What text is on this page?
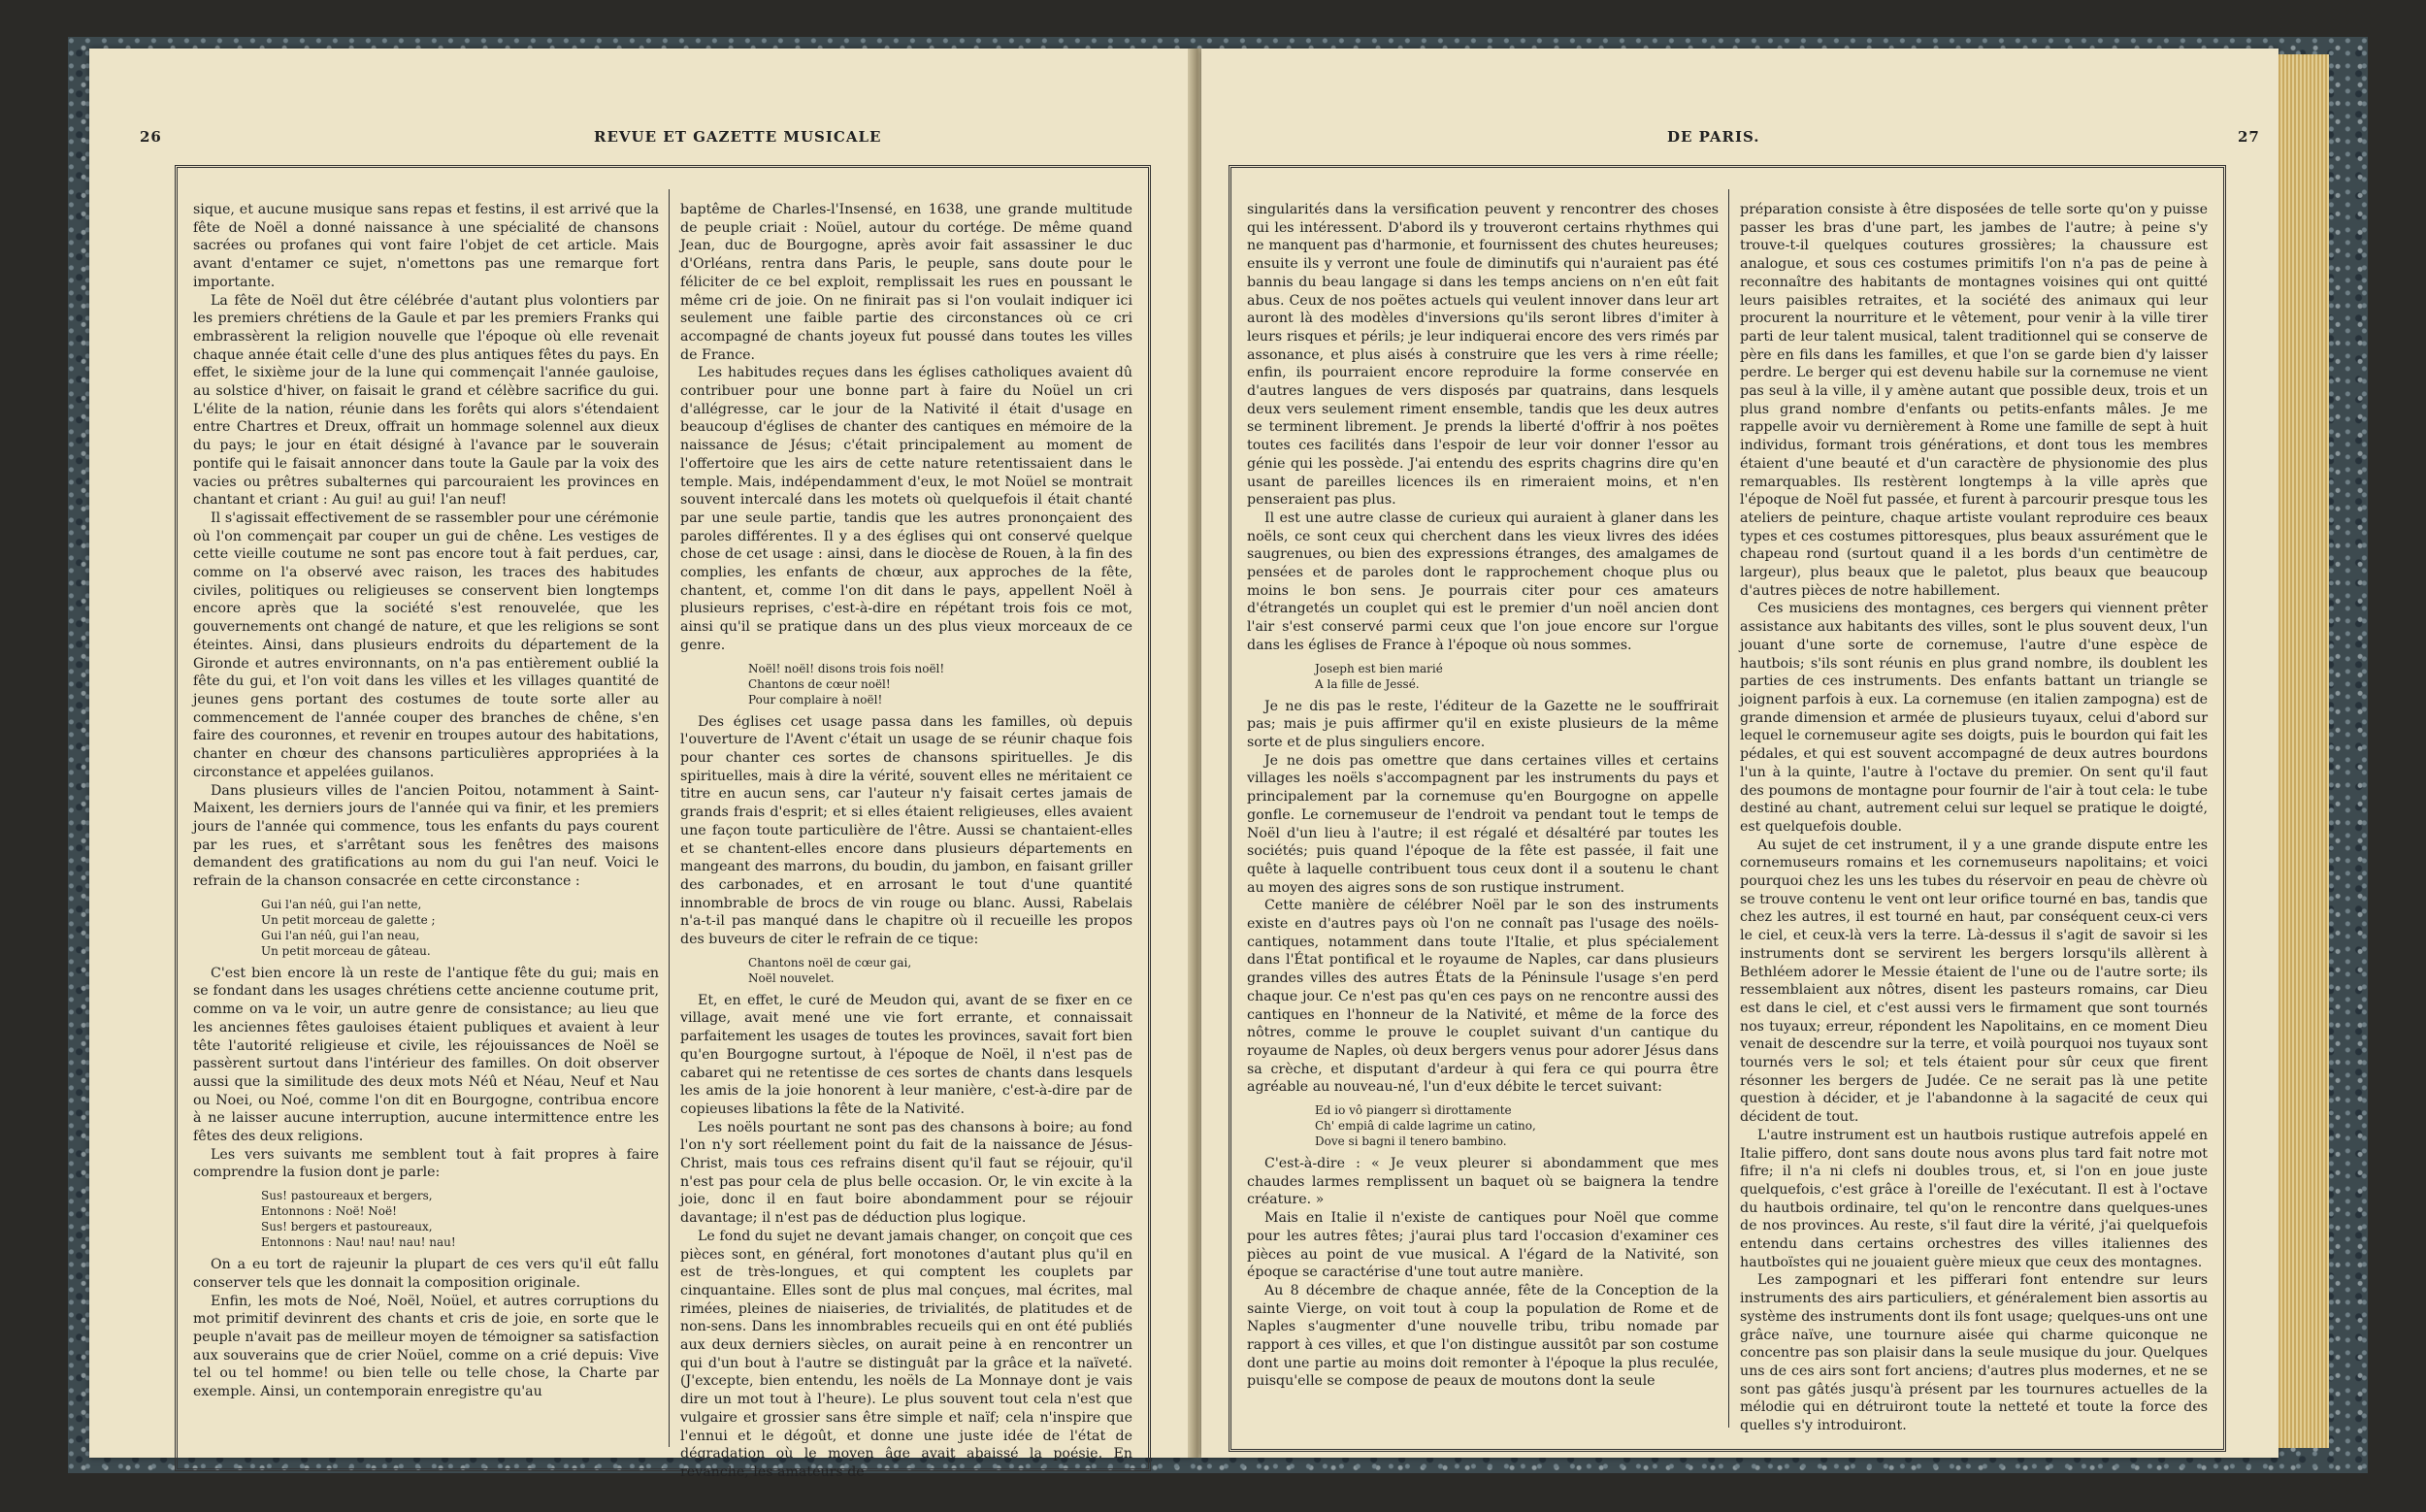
26	REVUE ET GAZETTE MUSICALE

sique, et aucune musique sans repas et festins, il est arrivé que la fête de Noël a donné naissance à une spécialité de chansons sacrées ou profanes qui vont faire l'objet de cet article. Mais avant d'entamer ce sujet, n'omettons pas une remarque fort importante.

La fête de Noël dut être célébrée d'autant plus volontiers par les premiers chrétiens de la Gaule et par les premiers Franks qui embrassèrent la religion nouvelle que l'époque où elle revenait chaque année était celle d'une des plus antiques fêtes du pays. En effet, le sixième jour de la lune qui commençait l'année gauloise, au solstice d'hiver, on faisait le grand et célèbre sacrifice du gui. L'élite de la nation, réunie dans les forêts qui alors s'étendaient entre Chartres et Dreux, offrait un hommage solennel aux dieux du pays; le jour en était désigné à l'avance par le souverain pontife qui le faisait annoncer dans toute la Gaule par la voix des vacies ou prêtres subalternes qui parcouraient les provinces en chantant et criant : Au gui! au gui! l'an neuf!

Il s'agissait effectivement de se rassembler pour une cérémonie où l'on commençait par couper un gui de chêne. Les vestiges de cette vieille coutume ne sont pas encore tout à fait perdues, car, comme on l'a observé avec raison, les traces des habitudes civiles, politiques ou religieuses se conservent bien longtemps encore après que la société s'est renouvelée, que les gouvernements ont changé de nature, et que les religions se sont éteintes. Ainsi, dans plusieurs endroits du département de la Gironde et autres environnants, on n'a pas entièrement oublié la fête du gui, et l'on voit dans les villes et les villages quantité de jeunes gens portant des costumes de toute sorte aller au commencement de l'année couper des branches de chêne, s'en faire des couronnes, et revenir en troupes autour des habitations, chanter en chœur des chansons particulières appropriées à la circonstance et appelées guilanos.

Dans plusieurs villes de l'ancien Poitou, notamment à Saint-Maixent, les derniers jours de l'année qui va finir, et les premiers jours de l'année qui commence, tous les enfants du pays courent par les rues, et s'arrêtant sous les fenêtres des maisons demandent des gratifications au nom du gui l'an neuf. Voici le refrain de la chanson consacrée en cette circonstance :

Gui l'an néû, gui l'an nette,
Un petit morceau de galette ;
Gui l'an néû, gui l'an neau,
Un petit morceau de gâteau.

C'est bien encore là un reste de l'antique fête du gui; mais en se fondant dans les usages chrétiens cette ancienne coutume prit, comme on va le voir, un autre genre de consistance; au lieu que les anciennes fêtes gauloises étaient publiques et avaient à leur tête l'autorité religieuse et civile, les réjouissances de Noël se passèrent surtout dans l'intérieur des familles. On doit observer aussi que la similitude des deux mots Néû et Néau, Neuf et Nau ou Noei, ou Noé, comme l'on dit en Bourgogne, contribua encore à ne laisser aucune interruption, aucune intermittence entre les fêtes des deux religions.

Les vers suivants me semblent tout à fait propres à faire comprendre la fusion dont je parle:

Sus! pastoureaux et bergers,
Entonnons : Noë! Noë!
Sus! bergers et pastoureaux,
Entonnons : Nau! nau! nau! nau!

On a eu tort de rajeunir la plupart de ces vers qu'il eût fallu conserver tels que les donnait la composition originale.

Enfin, les mots de Noé, Noël, Noüel, et autres corruptions du mot primitif devinrent des chants et cris de joie, en sorte que le peuple n'avait pas de meilleur moyen de témoigner sa satisfaction aux souverains que de crier Noüel, comme on a crié depuis: Vive tel ou tel homme! ou bien telle ou telle chose, la Charte par exemple. Ainsi, un contemporain enregistre qu'au

baptême de Charles-l'Insensé, en 1638, une grande multitude de peuple criait : Noüel, autour du cortége. De même quand Jean, duc de Bourgogne, après avoir fait assassiner le duc d'Orléans, rentra dans Paris, le peuple, sans doute pour le féliciter de ce bel exploit, remplissait les rues en poussant le même cri de joie. On ne finirait pas si l'on voulait indiquer ici seulement une faible partie des circonstances où ce cri accompagné de chants joyeux fut poussé dans toutes les villes de France.

Les habitudes reçues dans les églises catholiques avaient dû contribuer pour une bonne part à faire du Noüel un cri d'allégresse, car le jour de la Nativité il était d'usage en beaucoup d'églises de chanter des cantiques en mémoire de la naissance de Jésus; c'était principalement au moment de l'offertoire que les airs de cette nature retentissaient dans le temple. Mais, indépendamment d'eux, le mot Noüel se montrait souvent intercalé dans les motets où quelquefois il était chanté par une seule partie, tandis que les autres prononçaient des paroles différentes. Il y a des églises qui ont conservé quelque chose de cet usage : ainsi, dans le diocèse de Rouen, à la fin des complies, les enfants de chœur, aux approches de la fête, chantent, et, comme l'on dit dans le pays, appellent Noël à plusieurs reprises, c'est-à-dire en répétant trois fois ce mot, ainsi qu'il se pratique dans un des plus vieux morceaux de ce genre.

Noël! noël! disons trois fois noël!
Chantons de cœur noël!
Pour complaire à noël!

Des églises cet usage passa dans les familles, où depuis l'ouverture de l'Avent c'était un usage de se réunir chaque fois pour chanter ces sortes de chansons spirituelles. Je dis spirituelles, mais à dire la vérité, souvent elles ne méritaient ce titre en aucun sens, car l'auteur n'y faisait certes jamais de grands frais d'esprit; et si elles étaient religieuses, elles avaient une façon toute particulière de l'être. Aussi se chantaient-elles et se chantent-elles encore dans plusieurs départements en mangeant des marrons, du boudin, du jambon, en faisant griller des carbonades, et en arrosant le tout d'une quantité innombrable de brocs de vin rouge ou blanc. Aussi, Rabelais n'a-t-il pas manqué dans le chapitre où il recueille les propos des buveurs de citer le refrain de ce tique:

Chantons noël de cœur gai,
Noël nouvelet.

Et, en effet, le curé de Meudon qui, avant de se fixer en ce village, avait mené une vie fort errante, et connaissait parfaitement les usages de toutes les provinces, savait fort bien qu'en Bourgogne surtout, à l'époque de Noël, il n'est pas de cabaret qui ne retentisse de ces sortes de chants dans lesquels les amis de la joie honorent à leur manière, c'est-à-dire par de copieuses libations la fête de la Nativité.

Les noëls pourtant ne sont pas des chansons à boire; au fond l'on n'y sort réellement point du fait de la naissance de Jésus-Christ, mais tous ces refrains disent qu'il faut se réjouir, qu'il n'est pas pour cela de plus belle occasion. Or, le vin excite à la joie, donc il en faut boire abondamment pour se réjouir davantage; il n'est pas de déduction plus logique.

Le fond du sujet ne devant jamais changer, on conçoit que ces pièces sont, en général, fort monotones d'autant plus qu'il en est de très-longues, et qui comptent les couplets par cinquantaine. Elles sont de plus mal conçues, mal écrites, mal rimées, pleines de niaiseries, de trivialités, de platitudes et de non-sens. Dans les innombrables recueils qui en ont été publiés aux deux derniers siècles, on aurait peine à en rencontrer un qui d'un bout à l'autre se distinguât par la grâce et la naïveté. (J'excepte, bien entendu, les noëls de La Monnaye dont je vais dire un mot tout à l'heure). Le plus souvent tout cela n'est que vulgaire et grossier sans être simple et naïf; cela n'inspire que l'ennui et le dégoût, et donne une juste idée de l'état de dégradation où le moyen âge avait abaissé la poésie. En revanche, les amateurs de

DE PARIS.	27

singularités dans la versification peuvent y rencontrer des choses qui les intéressent. D'abord ils y trouveront certains rhythmes qui ne manquent pas d'harmonie, et fournissent des chutes heureuses; ensuite ils y verront une foule de diminutifs qui n'auraient pas été bannis du beau langage si dans les temps anciens on n'en eût fait abus. Ceux de nos poëtes actuels qui veulent innover dans leur art auront là des modèles d'inversions qu'ils seront libres d'imiter à leurs risques et périls; je leur indiquerai encore des vers rimés par assonance, et plus aisés à construire que les vers à rime réelle; enfin, ils pourraient encore reproduire la forme conservée en d'autres langues de vers disposés par quatrains, dans lesquels deux vers seulement riment ensemble, tandis que les deux autres se terminent librement. Je prends la liberté d'offrir à nos poëtes toutes ces facilités dans l'espoir de leur voir donner l'essor au génie qui les possède. J'ai entendu des esprits chagrins dire qu'en usant de pareilles licences ils en rimeraient moins, et n'en penseraient pas plus.

Il est une autre classe de curieux qui auraient à glaner dans les noëls, ce sont ceux qui cherchent dans les vieux livres des idées saugrenues, ou bien des expressions étranges, des amalgames de pensées et de paroles dont le rapprochement choque plus ou moins le bon sens. Je pourrais citer pour ces amateurs d'étrangetés un couplet qui est le premier d'un noël ancien dont l'air s'est conservé parmi ceux que l'on joue encore sur l'orgue dans les églises de France à l'époque où nous sommes.

Joseph est bien marié
A la fille de Jessé.

Je ne dis pas le reste, l'éditeur de la Gazette ne le souffrirait pas; mais je puis affirmer qu'il en existe plusieurs de la même sorte et de plus singuliers encore.

Je ne dois pas omettre que dans certaines villes et certains villages les noëls s'accompagnent par les instruments du pays et principalement par la cornemuse qu'en Bourgogne on appelle gonfle. Le cornemuseur de l'endroit va pendant tout le temps de Noël d'un lieu à l'autre; il est régalé et désaltéré par toutes les sociétés; puis quand l'époque de la fête est passée, il fait une quête à laquelle contribuent tous ceux dont il a soutenu le chant au moyen des aigres sons de son rustique instrument.

Cette manière de célébrer Noël par le son des instruments existe en d'autres pays où l'on ne connaît pas l'usage des noëls-cantiques, notamment dans toute l'Italie, et plus spécialement dans l'État pontifical et le royaume de Naples, car dans plusieurs grandes villes des autres États de la Péninsule l'usage s'en perd chaque jour. Ce n'est pas qu'en ces pays on ne rencontre aussi des cantiques en l'honneur de la Nativité, et même de la force des nôtres, comme le prouve le couplet suivant d'un cantique du royaume de Naples, où deux bergers venus pour adorer Jésus dans sa crèche, et disputant d'ardeur à qui fera ce qui pourra être agréable au nouveau-né, l'un d'eux débite le tercet suivant:

Ed io vô piangerr sì dirottamente
Ch' empiâ di calde lagrime un catino,
Dove si bagni il tenero bambino.

C'est-à-dire : « Je veux pleurer si abondamment que mes chaudes larmes remplissent un baquet où se baignera la tendre créature. »

Mais en Italie il n'existe de cantiques pour Noël que comme pour les autres fêtes; j'aurai plus tard l'occasion d'examiner ces pièces au point de vue musical. A l'égard de la Nativité, son époque se caractérise d'une tout autre manière.

Au 8 décembre de chaque année, fête de la Conception de la sainte Vierge, on voit tout à coup la population de Rome et de Naples s'augmenter d'une nouvelle tribu, tribu nomade par rapport à ces villes, et que l'on distingue aussitôt par son costume dont une partie au moins doit remonter à l'époque la plus reculée, puisqu'elle se compose de peaux de moutons dont la seule

préparation consiste à être disposées de telle sorte qu'on y puisse passer les bras d'une part, les jambes de l'autre; à peine s'y trouve-t-il quelques coutures grossières; la chaussure est analogue, et sous ces costumes primitifs l'on n'a pas de peine à reconnaître des habitants de montagnes voisines qui ont quitté leurs paisibles retraites, et la société des animaux qui leur procurent la nourriture et le vêtement, pour venir à la ville tirer parti de leur talent musical, talent traditionnel qui se conserve de père en fils dans les familles, et que l'on se garde bien d'y laisser perdre. Le berger qui est devenu habile sur la cornemuse ne vient pas seul à la ville, il y amène autant que possible deux, trois et un plus grand nombre d'enfants ou petits-enfants mâles. Je me rappelle avoir vu dernièrement à Rome une famille de sept à huit individus, formant trois générations, et dont tous les membres étaient d'une beauté et d'un caractère de physionomie des plus remarquables. Ils restèrent longtemps à la ville après que l'époque de Noël fut passée, et furent à parcourir presque tous les ateliers de peinture, chaque artiste voulant reproduire ces beaux types et ces costumes pittoresques, plus beaux assurément que le chapeau rond (surtout quand il a les bords d'un centimètre de largeur), plus beaux que le paletot, plus beaux que beaucoup d'autres pièces de notre habillement.

Ces musiciens des montagnes, ces bergers qui viennent prêter assistance aux habitants des villes, sont le plus souvent deux, l'un jouant d'une sorte de cornemuse, l'autre d'une espèce de hautbois; s'ils sont réunis en plus grand nombre, ils doublent les parties de ces instruments. Des enfants battant un triangle se joignent parfois à eux. La cornemuse (en italien zampogna) est de grande dimension et armée de plusieurs tuyaux, celui d'abord sur lequel le cornemuseur agite ses doigts, puis le bourdon qui fait les pédales, et qui est souvent accompagné de deux autres bourdons l'un à la quinte, l'autre à l'octave du premier. On sent qu'il faut des poumons de montagne pour fournir de l'air à tout cela: le tube destiné au chant, autrement celui sur lequel se pratique le doigté, est quelquefois double.

Au sujet de cet instrument, il y a une grande dispute entre les cornemuseurs romains et les cornemuseurs napolitains; et voici pourquoi chez les uns les tubes du réservoir en peau de chèvre où se trouve contenu le vent ont leur orifice tourné en bas, tandis que chez les autres, il est tourné en haut, par conséquent ceux-ci vers le ciel, et ceux-là vers la terre. Là-dessus il s'agit de savoir si les instruments dont se servirent les bergers lorsqu'ils allèrent à Bethléem adorer le Messie étaient de l'une ou de l'autre sorte; ils ressemblaient aux nôtres, disent les pasteurs romains, car Dieu est dans le ciel, et c'est aussi vers le firmament que sont tournés nos tuyaux; erreur, répondent les Napolitains, en ce moment Dieu venait de descendre sur la terre, et voilà pourquoi nos tuyaux sont tournés vers le sol; et tels étaient pour sûr ceux que firent résonner les bergers de Judée. Ce ne serait pas là une petite question à décider, et je l'abandonne à la sagacité de ceux qui décident de tout.

L'autre instrument est un hautbois rustique autrefois appelé en Italie piffero, dont sans doute nous avons plus tard fait notre mot fifre; il n'a ni clefs ni doubles trous, et, si l'on en joue juste quelquefois, c'est grâce à l'oreille de l'exécutant. Il est à l'octave du hautbois ordinaire, tel qu'on le rencontre dans quelques-unes de nos provinces. Au reste, s'il faut dire la vérité, j'ai quelquefois entendu dans certains orchestres des villes italiennes des hautboïstes qui ne jouaient guère mieux que ceux des montagnes.

Les zampognari et les pifferari font entendre sur leurs instruments des airs particuliers, et généralement bien assortis au système des instruments dont ils font usage; quelques-uns ont une grâce naïve, une tournure aisée qui charme quiconque ne concentre pas son plaisir dans la seule musique du jour. Quelques uns de ces airs sont fort anciens; d'autres plus modernes, et ne se sont pas gâtés jusqu'à présent par les tournures actuelles de la mélodie qui en détruiront toute la netteté et toute la force des quelles s'y introduiront.
